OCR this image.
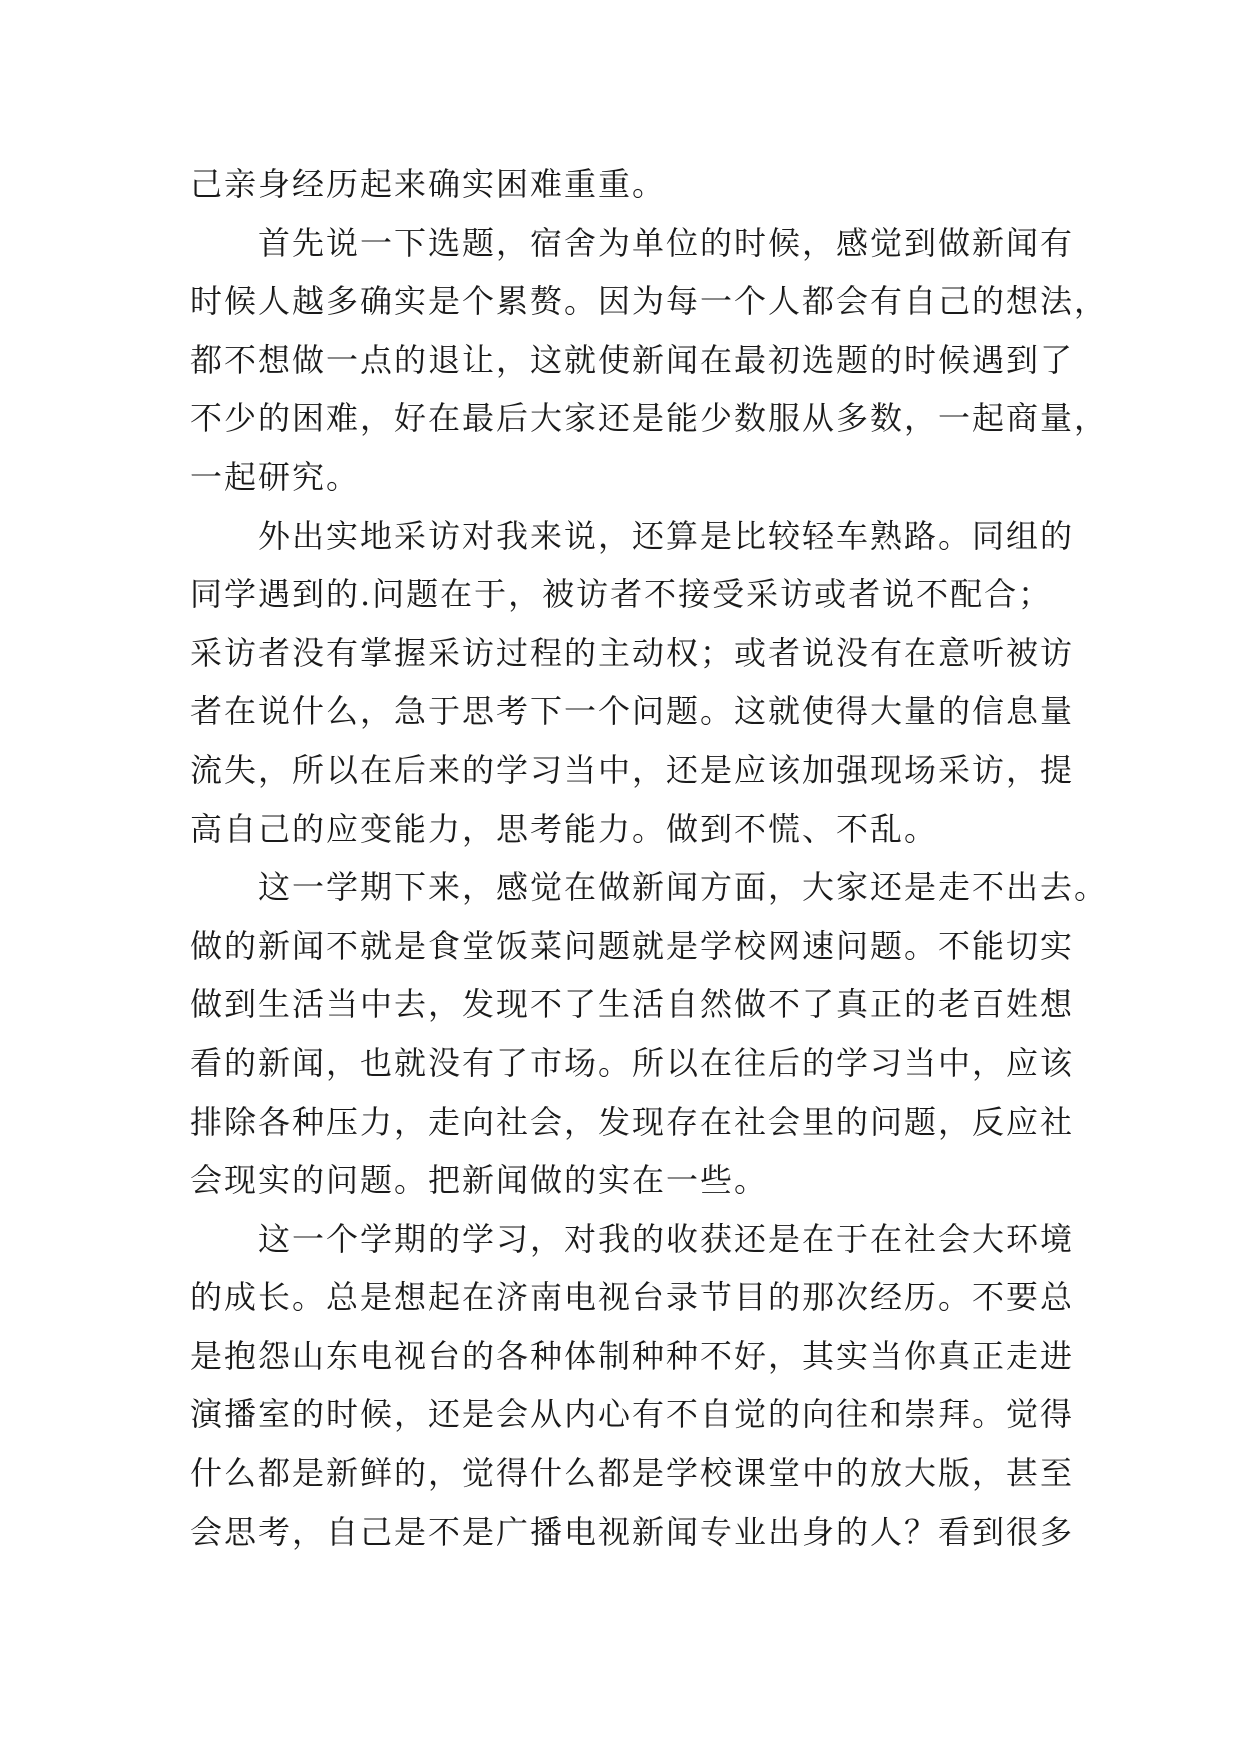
己亲身经历起来确实困难重重。
首先说一下选题，宿舍为单位的时候，感觉到做新闻有
时候人越多确实是个累赘。因为每一个人都会有自己的想法，
都不想做一点的退让，这就使新闻在最初选题的时候遇到了
不少的困难，好在最后大家还是能少数服从多数，一起商量，
一起研究。
外出实地采访对我来说，还算是比较轻车熟路。同组的
同学遇到的.问题在于，被访者不接受采访或者说不配合；
采访者没有掌握采访过程的主动权；或者说没有在意听被访
者在说什么，急于思考下一个问题。这就使得大量的信息量
流失，所以在后来的学习当中，还是应该加强现场采访，提
高自己的应变能力，思考能力。做到不慌、不乱。
这一学期下来，感觉在做新闻方面，大家还是走不出去。
做的新闻不就是食堂饭菜问题就是学校网速问题。不能切实
做到生活当中去，发现不了生活自然做不了真正的老百姓想
看的新闻，也就没有了市场。所以在往后的学习当中，应该
排除各种压力，走向社会，发现存在社会里的问题，反应社
会现实的问题。把新闻做的实在一些。
这一个学期的学习，对我的收获还是在于在社会大环境
的成长。总是想起在济南电视台录节目的那次经历。不要总
是抱怨山东电视台的各种体制种种不好，其实当你真正走进
演播室的时候，还是会从内心有不自觉的向往和崇拜。觉得
什么都是新鲜的，觉得什么都是学校课堂中的放大版，甚至
会思考，自己是不是广播电视新闻专业出身的人？看到很多
